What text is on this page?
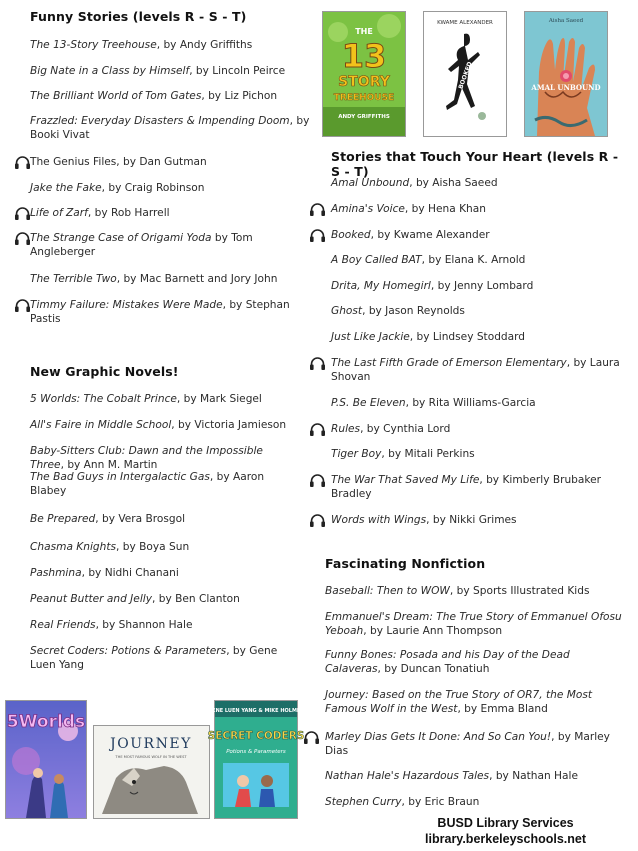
Funny Stories (levels R - S - T)
The 13-Story Treehouse, by Andy Griffiths
Big Nate in a Class by Himself, by Lincoln Peirce
The Brilliant World of Tom Gates, by Liz Pichon
Frazzled: Everyday Disasters & Impending Doom, by Booki Vivat
The Genius Files, by Dan Gutman
Jake the Fake, by Craig Robinson
Life of Zarf, by Rob Harrell
The Strange Case of Origami Yoda by Tom Angleberger
The Terrible Two, by Mac Barnett and Jory John
Timmy Failure: Mistakes Were Made, by Stephan Pastis
New Graphic Novels!
5 Worlds: The Cobalt Prince, by Mark Siegel
All's Faire in Middle School, by Victoria Jamieson
Baby-Sitters Club: Dawn and the Impossible Three, by Ann M. Martin
The Bad Guys in Intergalactic Gas, by Aaron Blabey
Be Prepared, by Vera Brosgol
Chasma Knights, by Boya Sun
Pashmina, by Nidhi Chanani
Peanut Butter and Jelly, by Ben Clanton
Real Friends, by Shannon Hale
Secret Coders: Potions & Parameters, by Gene Luen Yang
Stories that Touch Your Heart (levels R - S - T)
Amal Unbound, by Aisha Saeed
Amina's Voice, by Hena Khan
Booked, by Kwame Alexander
A Boy Called BAT, by Elana K. Arnold
Drita, My Homegirl, by Jenny Lombard
Ghost, by Jason Reynolds
Just Like Jackie, by Lindsey Stoddard
The Last Fifth Grade of Emerson Elementary, by Laura Shovan
P.S. Be Eleven, by Rita Williams-Garcia
Rules, by Cynthia Lord
Tiger Boy, by Mitali Perkins
The War That Saved My Life, by Kimberly Brubaker Bradley
Words with Wings, by Nikki Grimes
Fascinating Nonfiction
Baseball: Then to WOW, by Sports Illustrated Kids
Emmanuel's Dream: The True Story of Emmanuel Ofosu Yeboah, by Laurie Ann Thompson
Funny Bones: Posada and his Day of the Dead Calaveras, by Duncan Tonatiuh
Journey: Based on the True Story of OR7, the Most Famous Wolf in the West, by Emma Bland
Marley Dias Gets It Done: And So Can You!, by Marley Dias
Nathan Hale's Hazardous Tales, by Nathan Hale
Stephen Curry, by Eric Braun
THE
13
STORY
TREEHOUSE
ANDY GRIFFITHS
KWAME ALEXANDER
BOOKED
Aisha Saeed
AMAL UNBOUND
5Worlds
JOURNEY
THE MOST FAMOUS WOLF IN THE WEST
GENE LUEN YANG & MIKE HOLMES
SECRET CODERS
Potions & Parameters
BUSD Library Services
library.berkeleyschools.net
